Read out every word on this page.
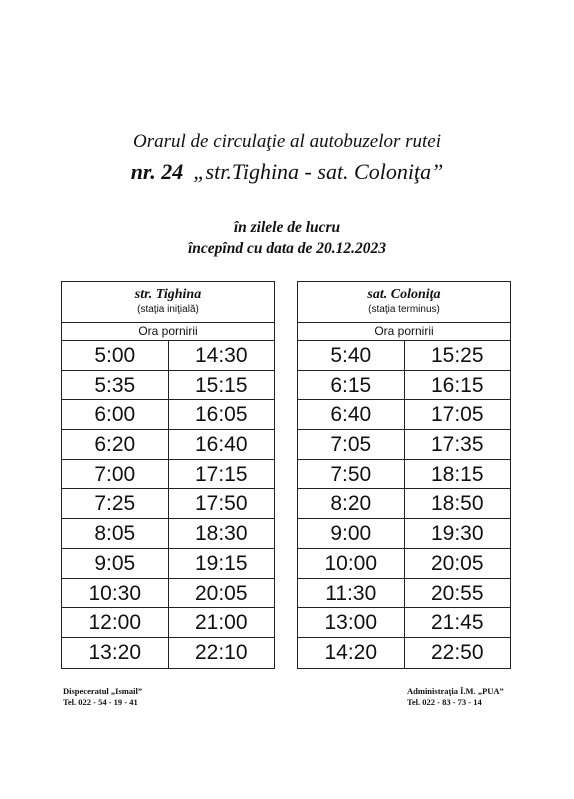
Orarul de circulaţie al autobuzelor rutei
nr. 24 „str.Tighina - sat. Coloniţa”
în zilele de lucru
începînd cu data de 20.12.2023
str. Tighina
(staţia iniţială)
Ora pornirii
5:00	14:30
5:35	15:15
6:00	16:05
6:20	16:40
7:00	17:15
7:25	17:50
8:05	18:30
9:05	19:15
10:30	20:05
12:00	21:00
13:20	22:10
sat. Coloniţa
(staţia terminus)
Ora pornirii
5:40	15:25
6:15	16:15
6:40	17:05
7:05	17:35
7:50	18:15
8:20	18:50
9:00	19:30
10:00	20:05
11:30	20:55
13:00	21:45
14:20	22:50
Dispeceratul „Ismail”
Tel. 022 - 54 - 19 - 41
Administraţia Î.M. „PUA”
Tel. 022 - 83 - 73 - 14
